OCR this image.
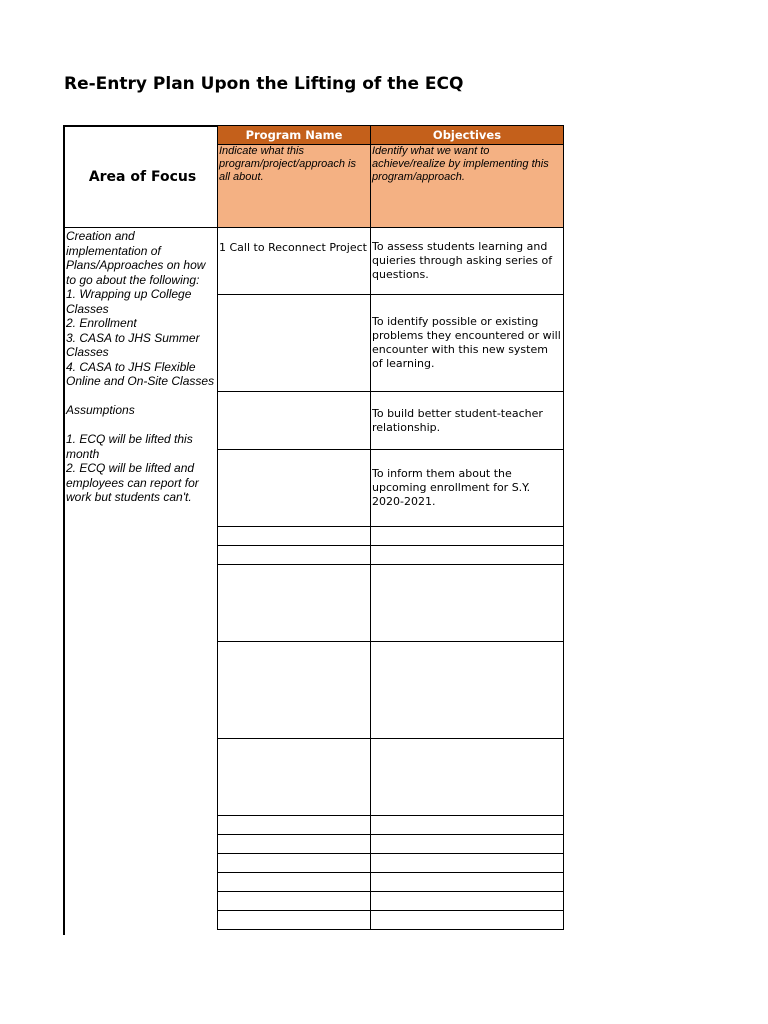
Re-Entry Plan Upon the Lifting of the ECQ
Area of Focus
Creation and
implementation of
Plans/Approaches on how
to go about the following:
1. Wrapping up College
Classes
2. Enrollment
3. CASA to JHS Summer
Classes
4. CASA to JHS Flexible
Online and On-Site Classes
Assumptions
1. ECQ will be lifted this
month
2. ECQ will be lifted and
employees can report for
work but students can't.
Program Name	Objectives
Indicate what this program/project/approach is all about.	Identify what we want to achieve/realize by implementing this program/approach.

1 Call to Reconnect Project	To assess students learning and quieries through asking series of questions.
	To identify possible or existing problems they encountered or will encounter with this new system of learning.
	To build better student-teacher relationship.
	To inform them about the upcoming enrollment for S.Y. 2020-2021.
